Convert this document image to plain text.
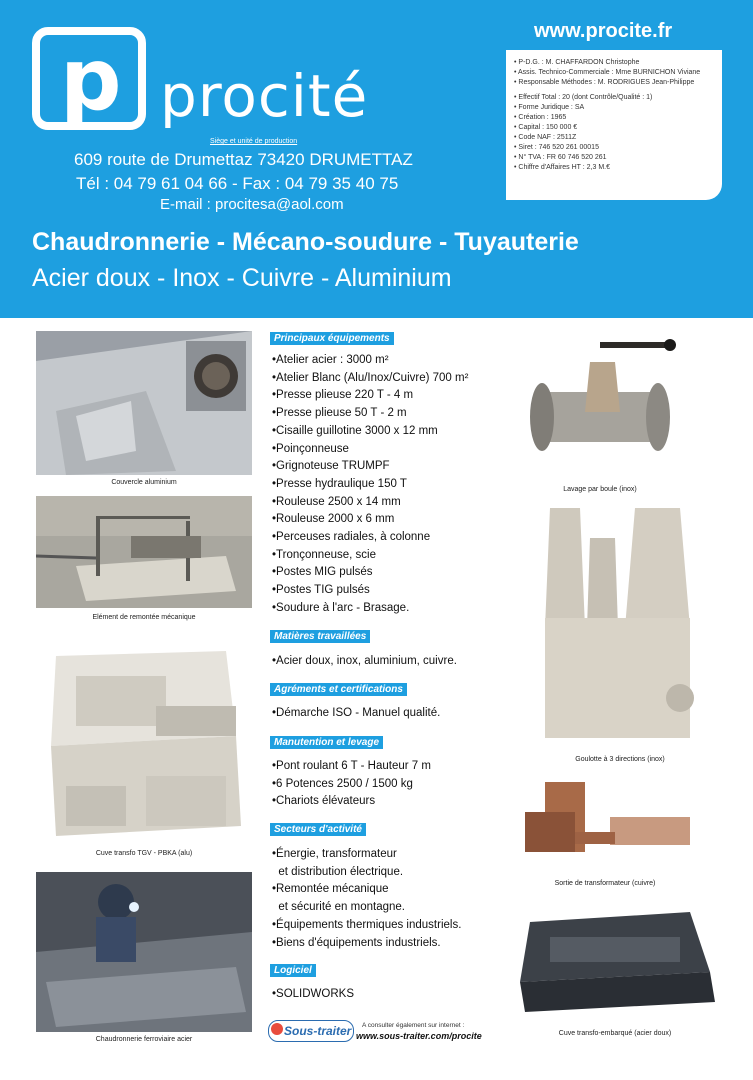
p procité
Siège et unité de production
609 route de Drumettaz 73420 DRUMETTAZ
Tél : 04 79 61 04 66 - Fax : 04 79 35 40 75
E-mail : procitesa@aol.com
www.procite.fr
• P-D.G. : M. CHAFFARDON Christophe
• Assis. Technico-Commerciale : Mme BURNICHON Viviane
• Responsable Méthodes : M. RODRIGUES Jean-Philippe
• Effectif Total : 20 (dont Contrôle/Qualité : 1)
• Forme Juridique : SA
• Création : 1965
• Capital : 150 000 €
• Code NAF : 2511Z
• Siret : 746 520 261 00015
• N° TVA : FR 60 746 520 261
• Chiffre d'Affaires HT : 2,3 M.€
Chaudronnerie - Mécano-soudure - Tuyauterie
Acier doux - Inox - Cuivre - Aluminium
Couvercle aluminium
Elément de remontée mécanique
Cuve transfo TGV - PBKA (alu)
Chaudronnerie ferroviaire acier
Lavage par boule (inox)
Goulotte à 3 directions (inox)
Sortie de transformateur (cuivre)
Cuve transfo-embarqué (acier doux)
Principaux équipements
• Atelier acier : 3000 m²
• Atelier Blanc (Alu/Inox/Cuivre) 700 m²
• Presse plieuse 220 T - 4 m
• Presse plieuse 50 T - 2 m
• Cisaille guillotine 3000 x 12 mm
• Poinçonneuse
• Grignoteuse TRUMPF
• Presse hydraulique 150 T
• Rouleuse 2500 x 14 mm
• Rouleuse 2000 x 6 mm
• Perceuses radiales, à colonne
• Tronçonneuse, scie
• Postes MIG pulsés
• Postes TIG pulsés
• Soudure à l'arc - Brasage.
Matières travaillées
• Acier doux, inox, aluminium, cuivre.
Agréments et certifications
• Démarche ISO - Manuel qualité.
Manutention et levage
• Pont roulant 6 T - Hauteur 7 m
• 6 Potences 2500 / 1500 kg
• Chariots élévateurs
Secteurs d'activité
• Énergie, transformateur
et distribution électrique.
• Remontée mécanique
et sécurité en montagne.
• Équipements thermiques industriels.
• Biens d'équipements industriels.
Logiciel
• SOLIDWORKS
Sous-traiter A consulter également sur internet :
www.sous-traiter.com/procite
